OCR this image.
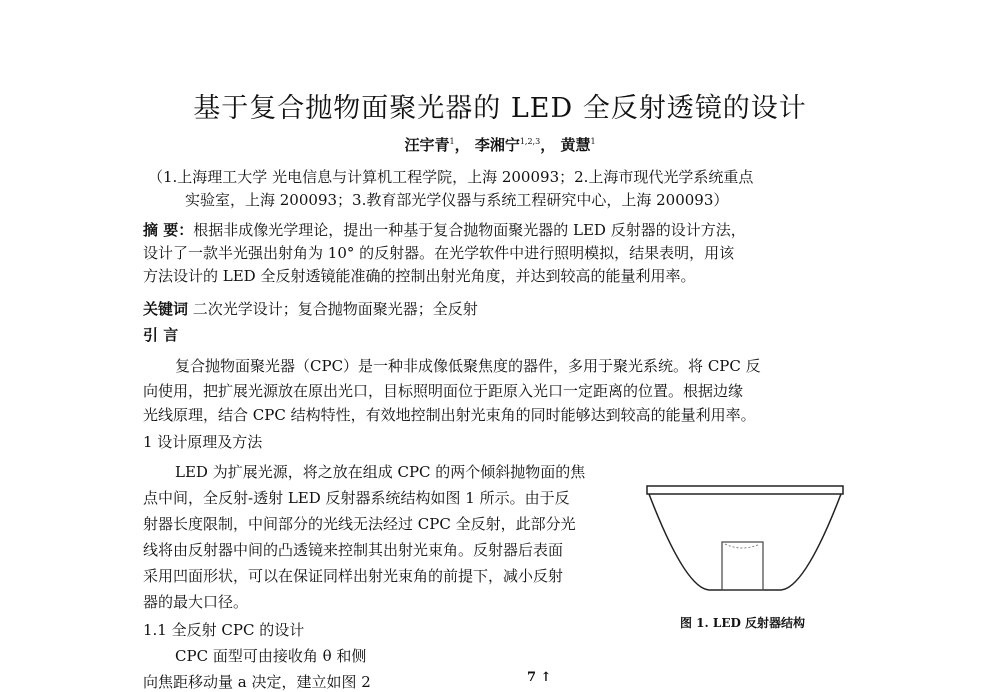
基于复合抛物面聚光器的 LED 全反射透镜的设计
汪宇青$^1$， 李湘宁$^{1,2,3}$， 黄慧$^1$
（1.上海理工大学 光电信息与计算机工程学院，上海 200093；2.上海市现代光学系统重点
实验室，上海 200093；3.教育部光学仪器与系统工程研究中心，上海 200093）
摘 要：根据非成像光学理论，提出一种基于复合抛物面聚光器的 LED 反射器的设计方法，
设计了一款半光强出射角为 10° 的反射器。在光学软件中进行照明模拟，结果表明，用该
方法设计的 LED 全反射透镜能准确的控制出射光角度，并达到较高的能量利用率。
关键词 二次光学设计；复合抛物面聚光器；全反射
引 言
复合抛物面聚光器（CPC）是一种非成像低聚焦度的器件，多用于聚光系统。将 CPC 反
向使用，把扩展光源放在原出光口，目标照明面位于距原入光口一定距离的位置。根据边缘
光线原理，结合 CPC 结构特性，有效地控制出射光束角的同时能够达到较高的能量利用率。
1 设计原理及方法
LED 为扩展光源，将之放在组成 CPC 的两个倾斜抛物面的焦
点中间，全反射-透射 LED 反射器系统结构如图 1 所示。由于反
射器长度限制，中间部分的光线无法经过 CPC 全反射，此部分光
线将由反射器中间的凸透镜来控制其出射光束角。反射器后表面
采用凹面形状，可以在保证同样出射光束角的前提下，减小反射
器的最大口径。
1.1 全反射 CPC 的设计
CPC 面型可由接收角 θ 和侧
向焦距移动量 a 决定，建立如图 2
图 1. LED 反射器结构
7 ↑
